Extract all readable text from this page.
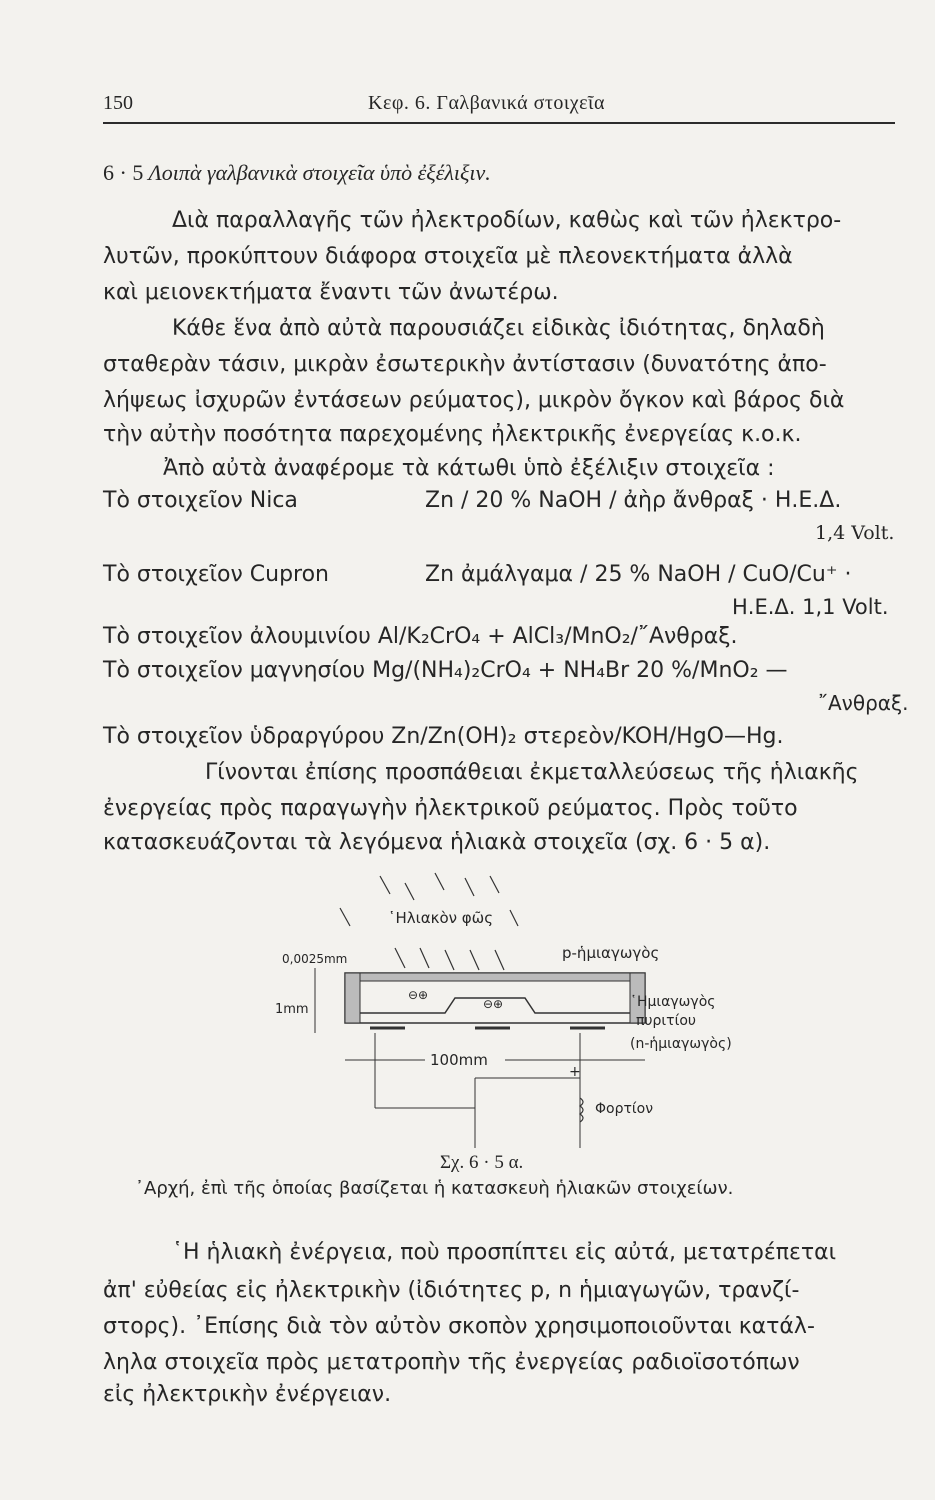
150	Κεφ. 6. Γαλβανικά στοιχεῖα
6 · 5 Λοιπὰ γαλβανικὰ στοιχεῖα ὑπὸ ἐξέλιξιν.
Διὰ παραλλαγῆς τῶν ἠλεκτροδίων, καθὼς καὶ τῶν ἠλεκτρο-
λυτῶν, προκύπτουν διάφορα στοιχεῖα μὲ πλεονεκτήματα ἀλλὰ
καὶ μειονεκτήματα ἔναντι τῶν ἀνωτέρω.
Κάθε ἕνα ἀπὸ αὐτὰ παρουσιάζει εἰδικὰς ἰδιότητας, δηλαδὴ
σταθερὰν τάσιν, μικρὰν ἐσωτερικὴν ἀντίστασιν (δυνατότης ἀπο-
λήψεως ἰσχυρῶν ἐντάσεων ρεύματος), μικρὸν ὄγκον καὶ βάρος διὰ
τὴν αὐτὴν ποσότητα παρεχομένης ἠλεκτρικῆς ἐνεργείας κ.ο.κ.
Ἀπὸ αὐτὰ ἀναφέρομε τὰ κάτωθι ὑπὸ ἐξέλιξιν στοιχεῖα :
Τὸ στοιχεῖον Nica	Zn / 20 % NaOH / ἀὴρ ἄνθραξ · Η.Ε.Δ.
1,4 Volt.
Τὸ στοιχεῖον Cupron	Zn ἀμάλγαμα / 25 % NaOH / CuO/Cu⁺ ·
Η.Ε.Δ. 1,1 Volt.
Τὸ στοιχεῖον ἀλουμινίου Al/K₂CrO₄ + AlCl₃/MnO₂/῎Ανθραξ.
Τὸ στοιχεῖον μαγνησίου Mg/(NH₄)₂CrO₄ + NH₄Br 20 %/MnO₂ —
῎Ανθραξ.
Τὸ στοιχεῖον ὑδραργύρου Zn/Zn(OH)₂ στερεὸν/KOH/HgO—Hg.
Γίνονται ἐπίσης προσπάθειαι ἐκμεταλλεύσεως τῆς ἡλιακῆς
ἐνεργείας πρὸς παραγωγὴν ἠλεκτρικοῦ ρεύματος. Πρὸς τοῦτο
κατασκευάζονται τὰ λεγόμενα ἡλιακὰ στοιχεῖα (σχ. 6 · 5 α).
⊖⊕
⊖⊕
0,0025mm
1mm
100mm
῾Ηλιακὸν φῶς
p-ἡμιαγωγὸς
῾Ημιαγωγὸς
πυριτίου
(n-ἡμιαγωγὸς)
+
Φορτίον
Σχ. 6 · 5 α.
᾿Αρχή, ἐπὶ τῆς ὁποίας βασίζεται ἡ κατασκευὴ ἡλιακῶν στοιχείων.
῾Η ἡλιακὴ ἐνέργεια, ποὺ προσπίπτει εἰς αὐτά, μετατρέπεται
ἀπ' εὐθείας εἰς ἠλεκτρικὴν (ἰδιότητες p, n ἡμιαγωγῶν, τρανζί-
στορς). ᾿Επίσης διὰ τὸν αὐτὸν σκοπὸν χρησιμοποιοῦνται κατάλ-
ληλα στοιχεῖα πρὸς μετατροπὴν τῆς ἐνεργείας ραδιοϊσοτόπων
εἰς ἠλεκτρικὴν ἐνέργειαν.
